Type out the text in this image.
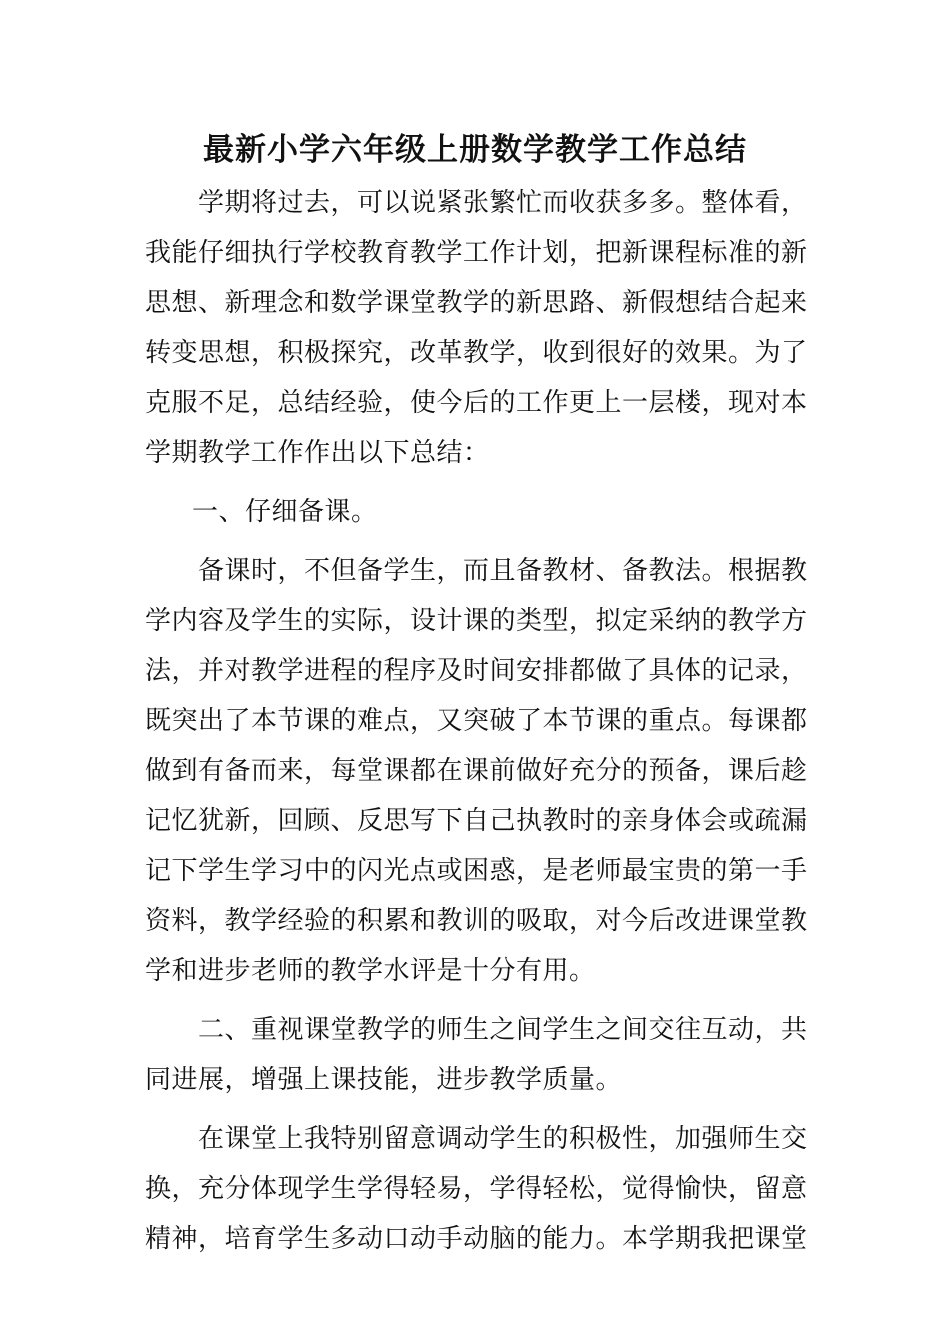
最新小学六年级上册数学教学工作总结
学期将过去，可以说紧张繁忙而收获多多。整体看，
我能仔细执行学校教育教学工作计划，把新课程标准的新
思想、新理念和数学课堂教学的新思路、新假想结合起来
转变思想，积极探究，改革教学，收到很好的效果。为了
克服不足，总结经验，使今后的工作更上一层楼，现对本
学期教学工作作出以下总结：
一、仔细备课。
备课时，不但备学生，而且备教材、备教法。根据教
学内容及学生的实际，设计课的类型，拟定采纳的教学方
法，并对教学进程的程序及时间安排都做了具体的记录，
既突出了本节课的难点，又突破了本节课的重点。每课都
做到有备而来，每堂课都在课前做好充分的预备，课后趁
记忆犹新，回顾、反思写下自己执教时的亲身体会或疏漏
记下学生学习中的闪光点或困惑，是老师最宝贵的第一手
资料，教学经验的积累和教训的吸取，对今后改进课堂教
学和进步老师的教学水评是十分有用。
二、重视课堂教学的师生之间学生之间交往互动，共
同进展，增强上课技能，进步教学质量。
在课堂上我特别留意调动学生的积极性，加强师生交
换，充分体现学生学得轻易，学得轻松，觉得愉快，留意
精神，培育学生多动口动手动脑的能力。本学期我把课堂
